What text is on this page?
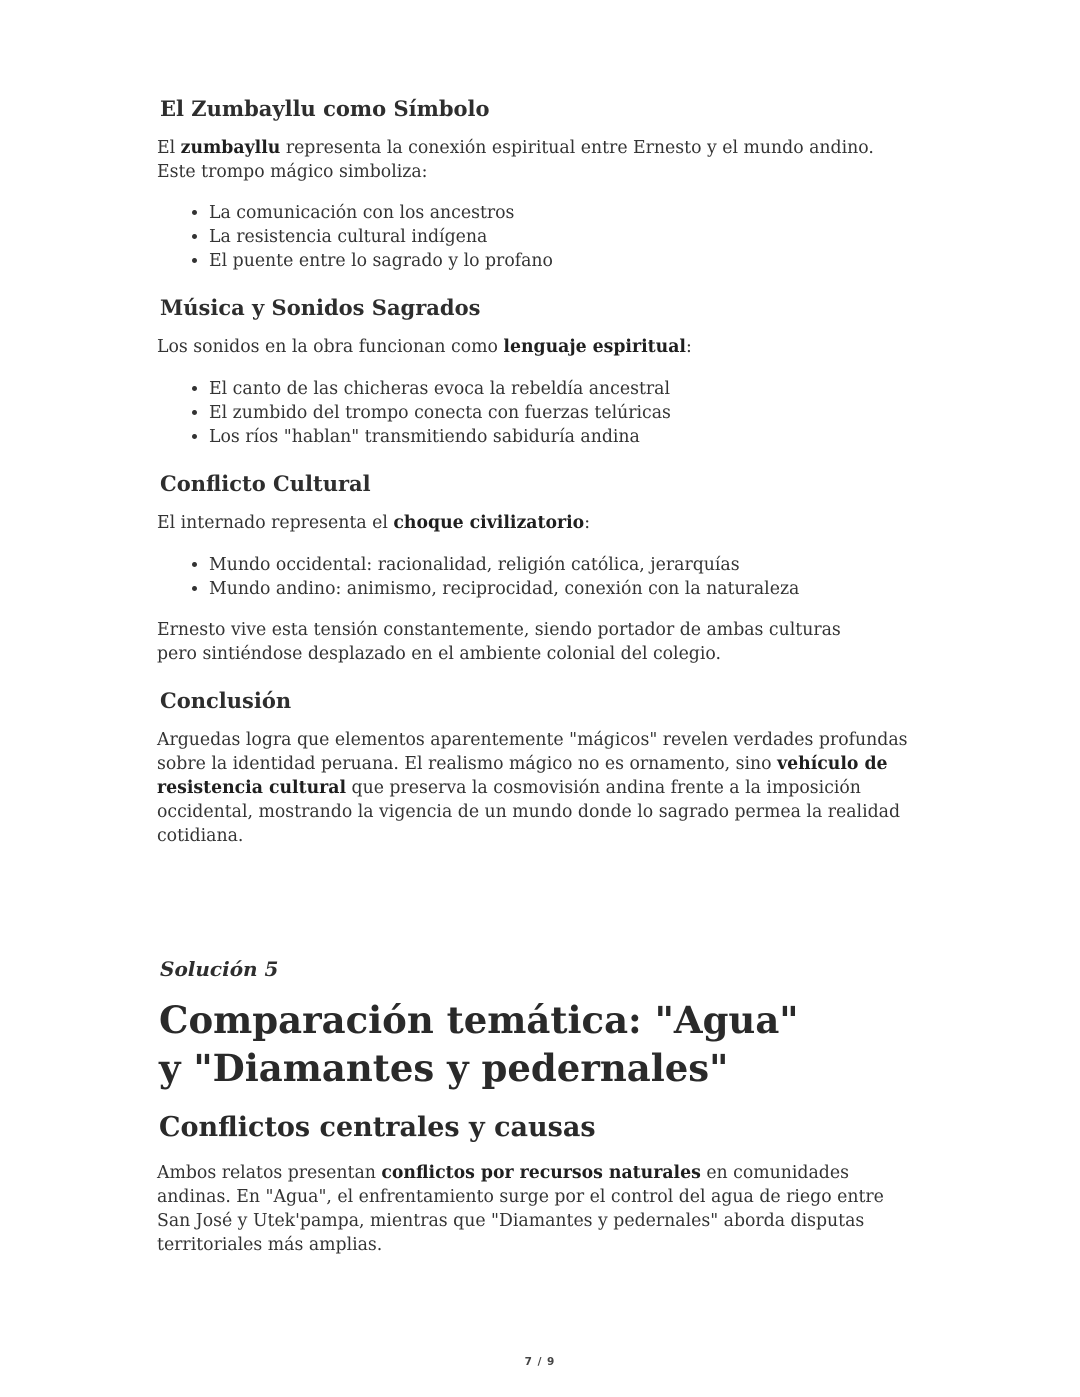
El Zumbayllu como Símbolo

El zumbayllu representa la conexión espiritual entre Ernesto y el mundo andino. Este trompo mágico simboliza:

• La comunicación con los ancestros
• La resistencia cultural indígena
• El puente entre lo sagrado y lo profano
Música y Sonidos Sagrados

Los sonidos en la obra funcionan como lenguaje espiritual:

• El canto de las chicheras evoca la rebeldía ancestral
• El zumbido del trompo conecta con fuerzas telúricas
• Los ríos "hablan" transmitiendo sabiduría andina
Conflicto Cultural

El internado representa el choque civilizatorio:

• Mundo occidental: racionalidad, religión católica, jerarquías
• Mundo andino: animismo, reciprocidad, conexión con la naturaleza

Ernesto vive esta tensión constantemente, siendo portador de ambas culturas pero sintiéndose desplazado en el ambiente colonial del colegio.

Conclusión

Arguedas logra que elementos aparentemente "mágicos" revelen verdades profundas sobre la identidad peruana. El realismo mágico no es ornamento, sino vehículo de resistencia cultural que preserva la cosmovisión andina frente a la imposición occidental, mostrando la vigencia de un mundo donde lo sagrado permea la realidad cotidiana.

Solución 5
Comparación temática: "Agua" y "Diamantes y pedernales"
Conflictos centrales y causas

Ambos relatos presentan conflictos por recursos naturales en comunidades andinas. En "Agua", el enfrentamiento surge por el control del agua de riego entre San José y Utek'pampa, mientras que "Diamantes y pedernales" aborda disputas territoriales más amplias.

7 / 9
